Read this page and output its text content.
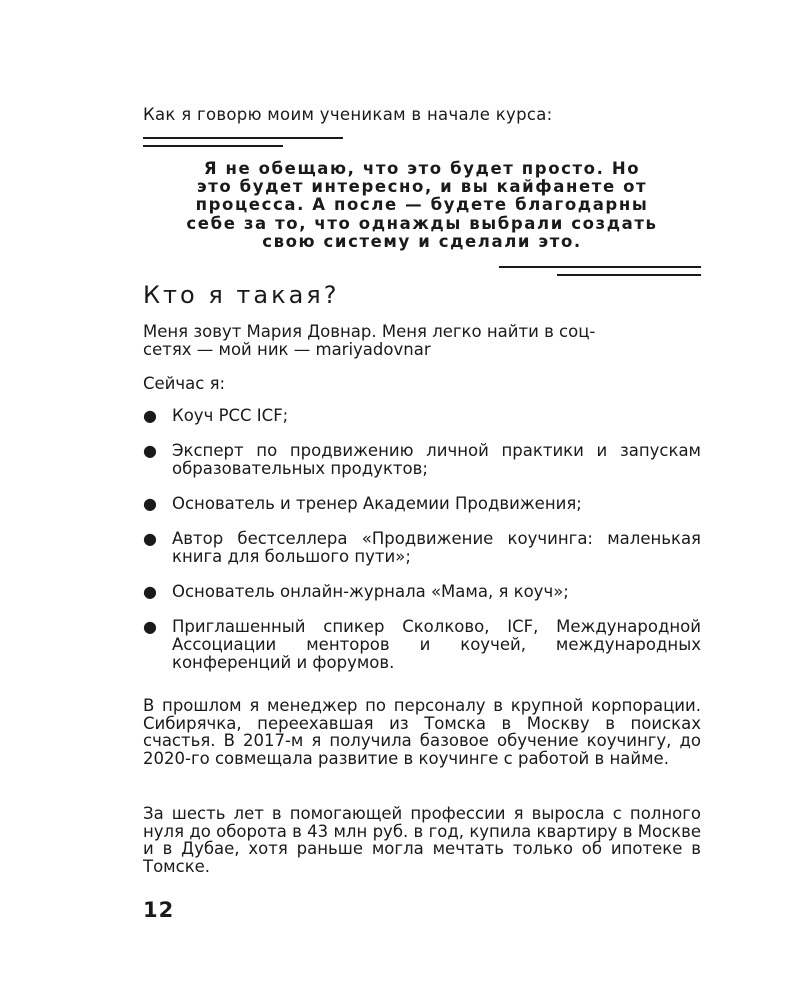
Как я говорю моим ученикам в начале курса:
Я не обещаю, что это будет просто. Но
это будет интересно, и вы кайфанете от
процесса. А после — будете благодарны
себе за то, что однажды выбрали создать
свою систему и сделали это.
Кто я такая?

Меня зовут Мария Довнар. Меня легко найти в соц-
сетях — мой ник — mariyadovnar

Сейчас я:

● Коуч PCC ICF;
● Эксперт по продвижению личной практики и запускам образовательных продуктов;
● Основатель и тренер Академии Продвижения;
● Автор бестселлера «Продвижение коучинга: маленькая книга для большого пути»;
● Основатель онлайн-журнала «Мама, я коуч»;
● Приглашенный спикер Сколково, ICF, Международной Ассоциации менторов и коучей, международных конференций и форумов.

В прошлом я менеджер по персоналу в крупной корпорации. Сибирячка, переехавшая из Томска в Москву в поисках счастья. В 2017-м я получила базовое обучение коучингу, до 2020-го совмещала развитие в коучинге с работой в найме.

За шесть лет в помогающей профессии я выросла с полного нуля до оборота в 43 млн руб. в год, купила квартиру в Москве и в Дубае, хотя раньше могла мечтать только об ипотеке в Томске.

12
